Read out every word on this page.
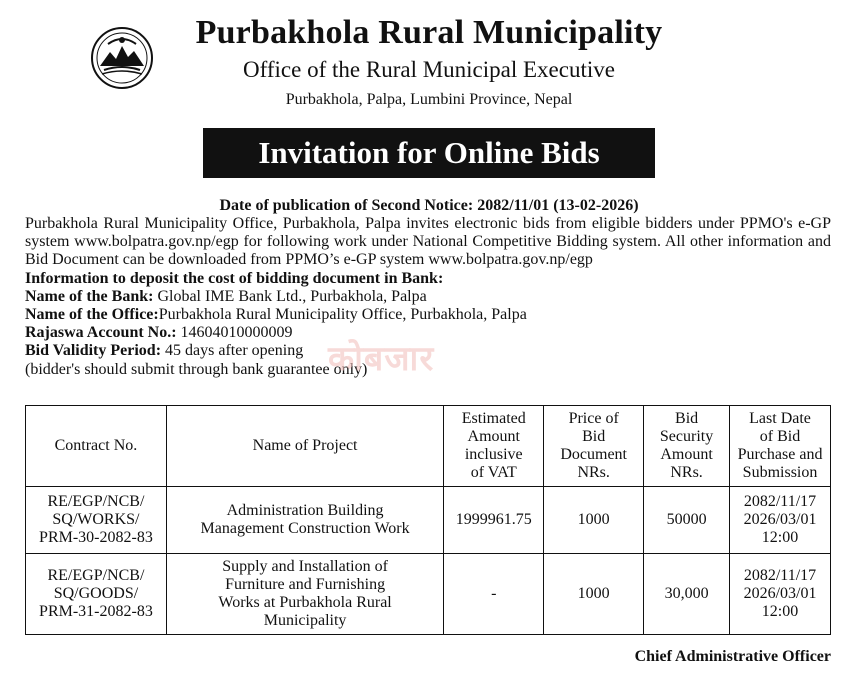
Purbakhola Rural Municipality
Office of the Rural Municipal Executive
Purbakhola, Palpa, Lumbini Province, Nepal
Invitation for Online Bids
Date of publication of Second Notice: 2082/11/01 (13-02-2026)

Purbakhola Rural Municipality Office, Purbakhola, Palpa invites electronic bids from eligible bidders under PPMO's e-GP system www.bolpatra.gov.np/egp for following work under National Competitive Bidding system. All other information and Bid Document can be downloaded from PPMO’s e-GP system www.bolpatra.gov.np/egp

Information to deposit the cost of bidding document in Bank:
Name of the Bank: Global IME Bank Ltd., Purbakhola, Palpa
Name of the Office:Purbakhola Rural Municipality Office, Purbakhola, Palpa
Rajaswa Account No.: 14604010000009
Bid Validity Period: 45 days after opening
(bidder's should submit through bank guarantee only)
कोबजार
Contract No.	Name of Project	Estimated
Amount
inclusive
of VAT	Price of
Bid
Document
NRs.	Bid
Security
Amount
NRs.	Last Date
of Bid
Purchase and
Submission

RE/EGP/NCB/
SQ/WORKS/
PRM-30-2082-83	Administration Building
Management Construction Work	1999961.75	1000	50000	2082/11/17
2026/03/01
12:00

RE/EGP/NCB/
SQ/GOODS/
PRM-31-2082-83	Supply and Installation of
Furniture and Furnishing
Works at Purbakhola Rural
Municipality	-	1000	30,000	2082/11/17
2026/03/01
12:00
Chief Administrative Officer
